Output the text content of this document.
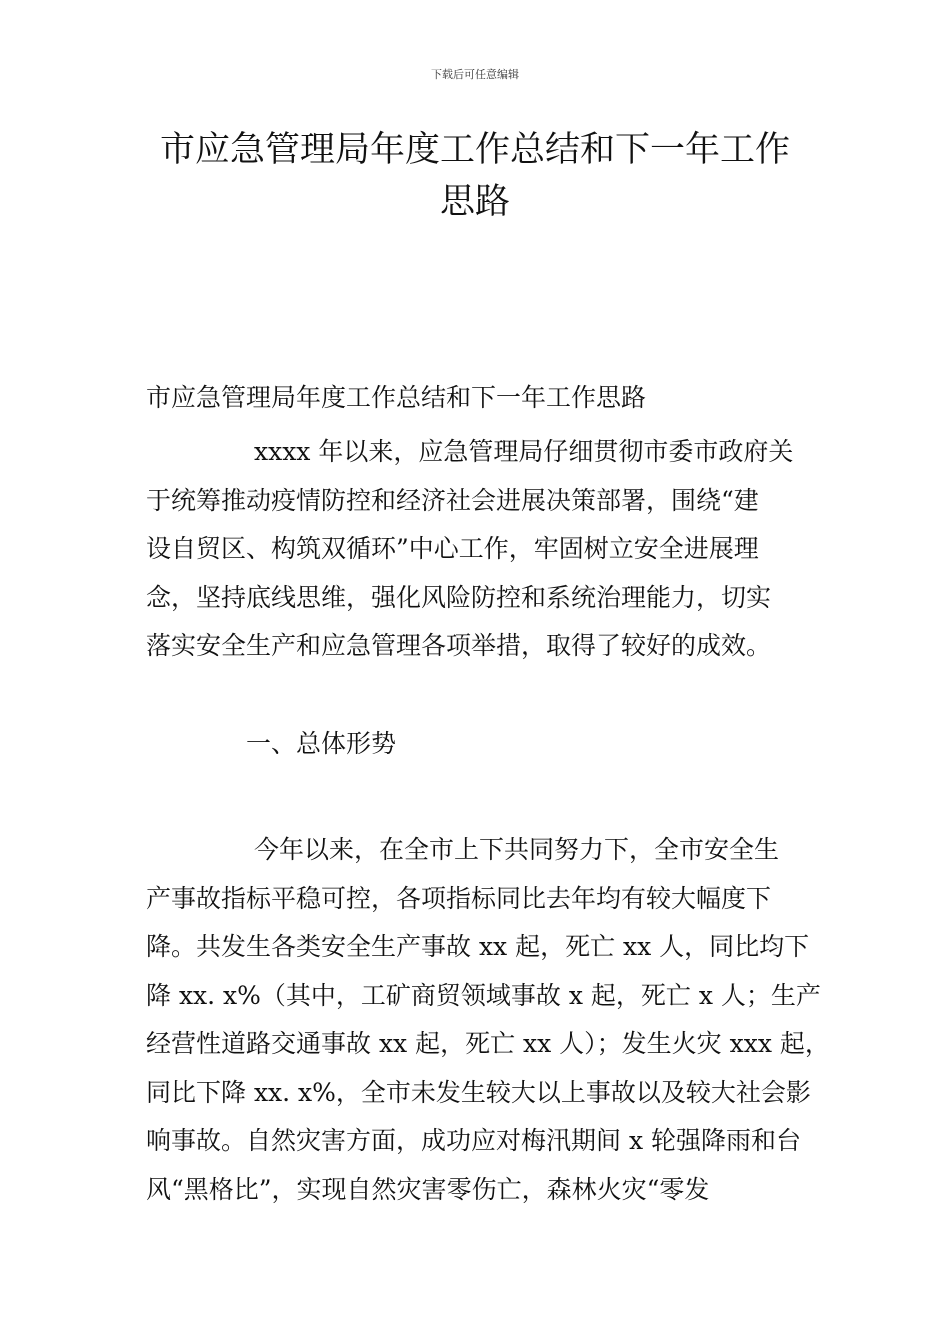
下载后可任意编辑
市应急管理局年度工作总结和下一年工作
思路
市应急管理局年度工作总结和下一年工作思路
xxxx 年以来，应急管理局仔细贯彻市委市政府关
于统筹推动疫情防控和经济社会进展决策部署，围绕“建
设自贸区、构筑双循环”中心工作，牢固树立安全进展理
念，坚持底线思维，强化风险防控和系统治理能力，切实
落实安全生产和应急管理各项举措，取得了较好的成效。
一、总体形势
今年以来，在全市上下共同努力下，全市安全生
产事故指标平稳可控，各项指标同比去年均有较大幅度下
降。共发生各类安全生产事故 xx 起，死亡 xx 人，同比均下
降 xx. x%（其中，工矿商贸领域事故 x 起，死亡 x 人；生产
经营性道路交通事故 xx 起，死亡 xx 人）；发生火灾 xxx 起，
同比下降 xx. x%，全市未发生较大以上事故以及较大社会影
响事故。自然灾害方面，成功应对梅汛期间 x 轮强降雨和台
风“黑格比”，实现自然灾害零伤亡，森林火灾“零发
